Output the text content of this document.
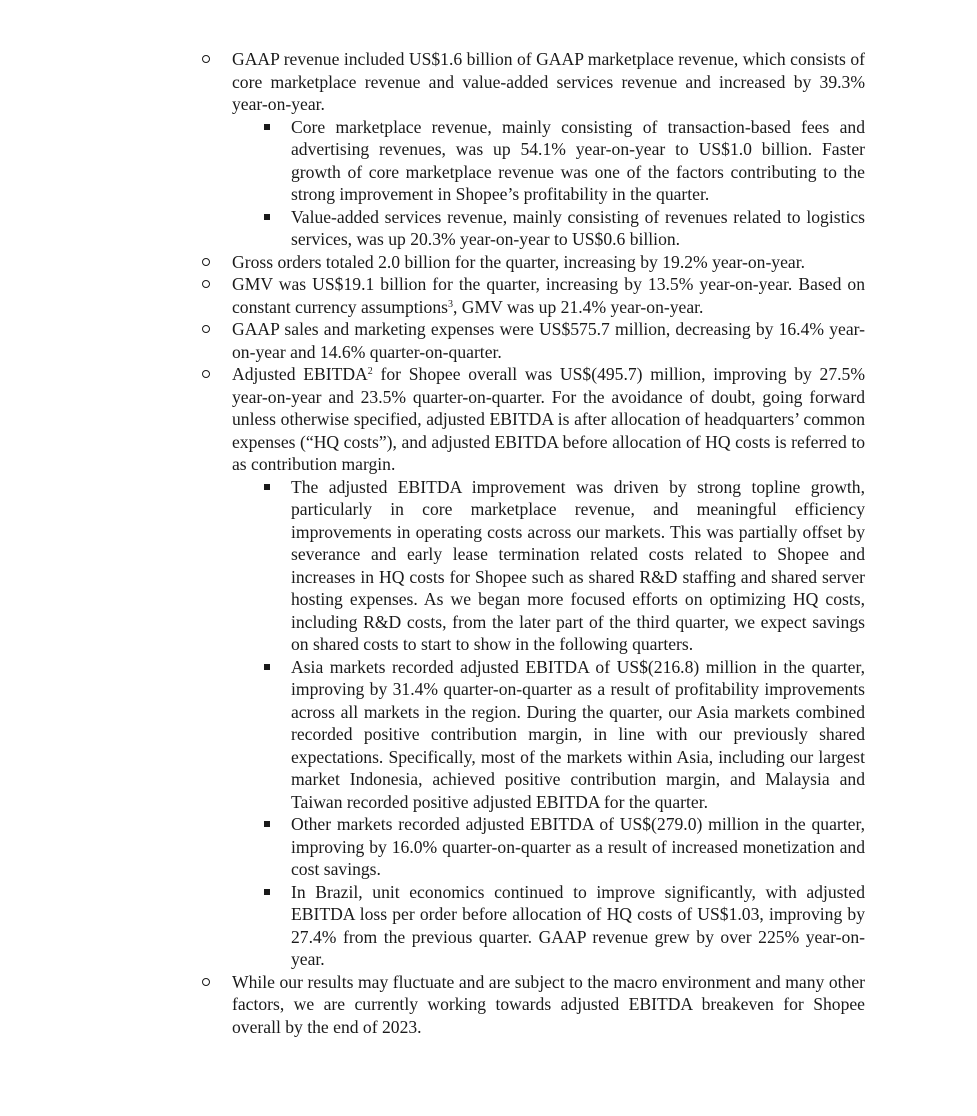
GAAP revenue included US$1.6 billion of GAAP marketplace revenue, which consists of core marketplace revenue and value-added services revenue and increased by 39.3% year-on-year.
Core marketplace revenue, mainly consisting of transaction-based fees and advertising revenues, was up 54.1% year-on-year to US$1.0 billion. Faster growth of core marketplace revenue was one of the factors contributing to the strong improvement in Shopee’s profitability in the quarter.
Value-added services revenue, mainly consisting of revenues related to logistics services, was up 20.3% year-on-year to US$0.6 billion.
Gross orders totaled 2.0 billion for the quarter, increasing by 19.2% year-on-year.
GMV was US$19.1 billion for the quarter, increasing by 13.5% year-on-year. Based on constant currency assumptions$^3$, GMV was up 21.4% year-on-year.
GAAP sales and marketing expenses were US$575.7 million, decreasing by 16.4% year-on-year and 14.6% quarter-on-quarter.
Adjusted EBITDA$^2$ for Shopee overall was US$(495.7) million, improving by 27.5% year-on-year and 23.5% quarter-on-quarter. For the avoidance of doubt, going forward unless otherwise specified, adjusted EBITDA is after allocation of headquarters’ common expenses (“HQ costs”), and adjusted EBITDA before allocation of HQ costs is referred to as contribution margin.
The adjusted EBITDA improvement was driven by strong topline growth, particularly in core marketplace revenue, and meaningful efficiency improvements in operating costs across our markets. This was partially offset by severance and early lease termination related costs related to Shopee and increases in HQ costs for Shopee such as shared R&D staffing and shared server hosting expenses. As we began more focused efforts on optimizing HQ costs, including R&D costs, from the later part of the third quarter, we expect savings on shared costs to start to show in the following quarters.
Asia markets recorded adjusted EBITDA of US$(216.8) million in the quarter, improving by 31.4% quarter-on-quarter as a result of profitability improvements across all markets in the region. During the quarter, our Asia markets combined recorded positive contribution margin, in line with our previously shared expectations. Specifically, most of the markets within Asia, including our largest market Indonesia, achieved positive contribution margin, and Malaysia and Taiwan recorded positive adjusted EBITDA for the quarter.
Other markets recorded adjusted EBITDA of US$(279.0) million in the quarter, improving by 16.0% quarter-on-quarter as a result of increased monetization and cost savings.
In Brazil, unit economics continued to improve significantly, with adjusted EBITDA loss per order before allocation of HQ costs of US$1.03, improving by 27.4% from the previous quarter. GAAP revenue grew by over 225% year-on-year.
While our results may fluctuate and are subject to the macro environment and many other factors, we are currently working towards adjusted EBITDA breakeven for Shopee overall by the end of 2023.
